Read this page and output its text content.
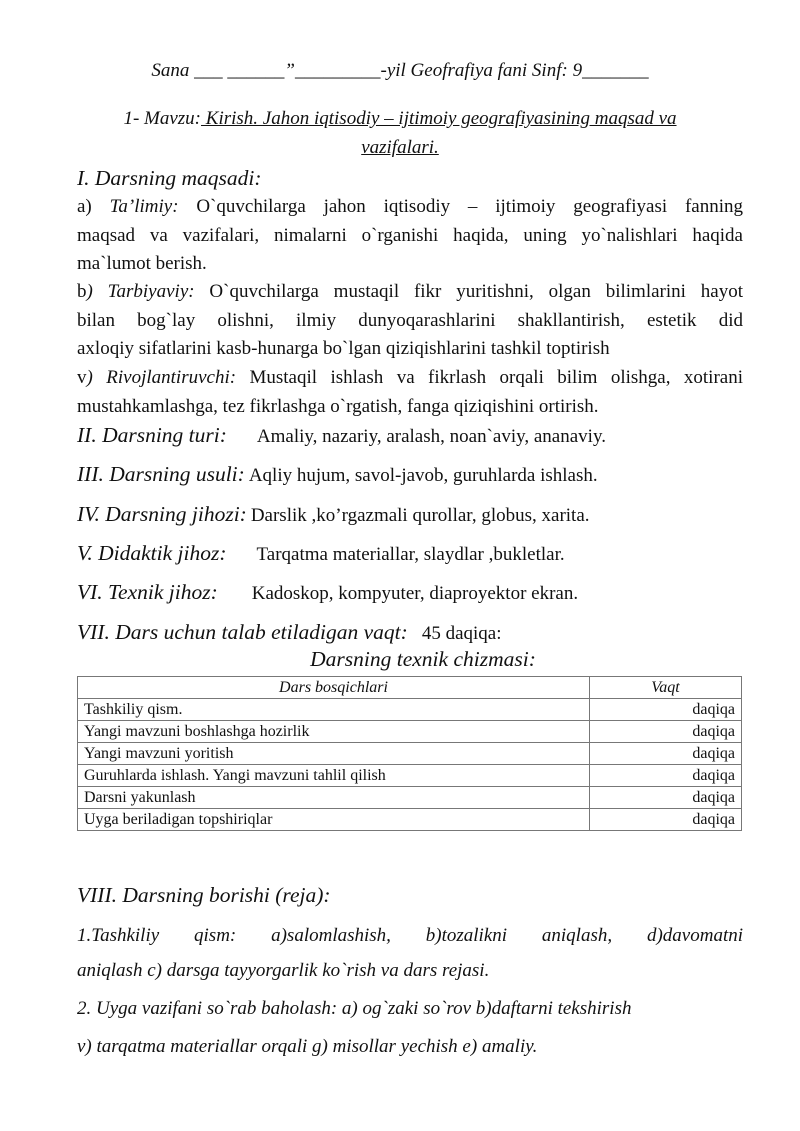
Sana ___ ______”_________-yil Geofrafiya fani Sinf: 9_______
1- Mavzu: Kirish. Jahon iqtisodiy – ijtimoiy geografiyasining maqsad va
vazifalari.
I. Darsning maqsadi:
a) Ta’limiy: O`quvchilarga jahon iqtisodiy – ijtimoiy geografiyasi fanning
maqsad va vazifalari, nimalarni o`rganishi haqida, uning yo`nalishlari haqida
ma`lumot berish.
b) Tarbiyaviy: O`quvchilarga mustaqil fikr yuritishni, olgan bilimlarini hayot
bilan bog`lay olishni, ilmiy dunyoqarashlarini shakllantirish, estetik did
axloqiy sifatlarini kasb-hunarga bo`lgan qiziqishlarini tashkil toptirish
v) Rivojlantiruvchi: Mustaqil ishlash va fikrlash orqali bilim olishga, xotirani
mustahkamlashga, tez fikrlashga o`rgatish, fanga qiziqishini ortirish.
II. Darsning turi: Amaliy, nazariy, aralash, noan`aviy, ananaviy.
III. Darsning usuli: Aqliy hujum, savol-javob, guruhlarda ishlash.
IV. Darsning jihozi: Darslik ,ko’rgazmali qurollar, globus, xarita.
V. Didaktik jihoz: Tarqatma materiallar, slaydlar ,bukletlar.
VI. Texnik jihoz: Kadoskop, kompyuter, diaproyektor ekran.
VII. Dars uchun talab etiladigan vaqt: 45 daqiqa:
Darsning texnik chizmasi:
Dars bosqichlari	Vaqt
Tashkiliy qism.	daqiqa
Yangi mavzuni boshlashga hozirlik	daqiqa
Yangi mavzuni yoritish	daqiqa
Guruhlarda ishlash. Yangi mavzuni tahlil qilish	daqiqa
Darsni yakunlash	daqiqa
Uyga beriladigan topshiriqlar	daqiqa
VIII. Darsning borishi (reja):
1.Tashkiliy qism: a)salomlashish, b)tozalikni aniqlash, d)davomatni
aniqlash c) darsga tayyorgarlik ko`rish va dars rejasi.
2. Uyga vazifani so`rab baholash: a) og`zaki so`rov b)daftarni tekshirish
v) tarqatma materiallar orqali g) misollar yechish e) amaliy.
